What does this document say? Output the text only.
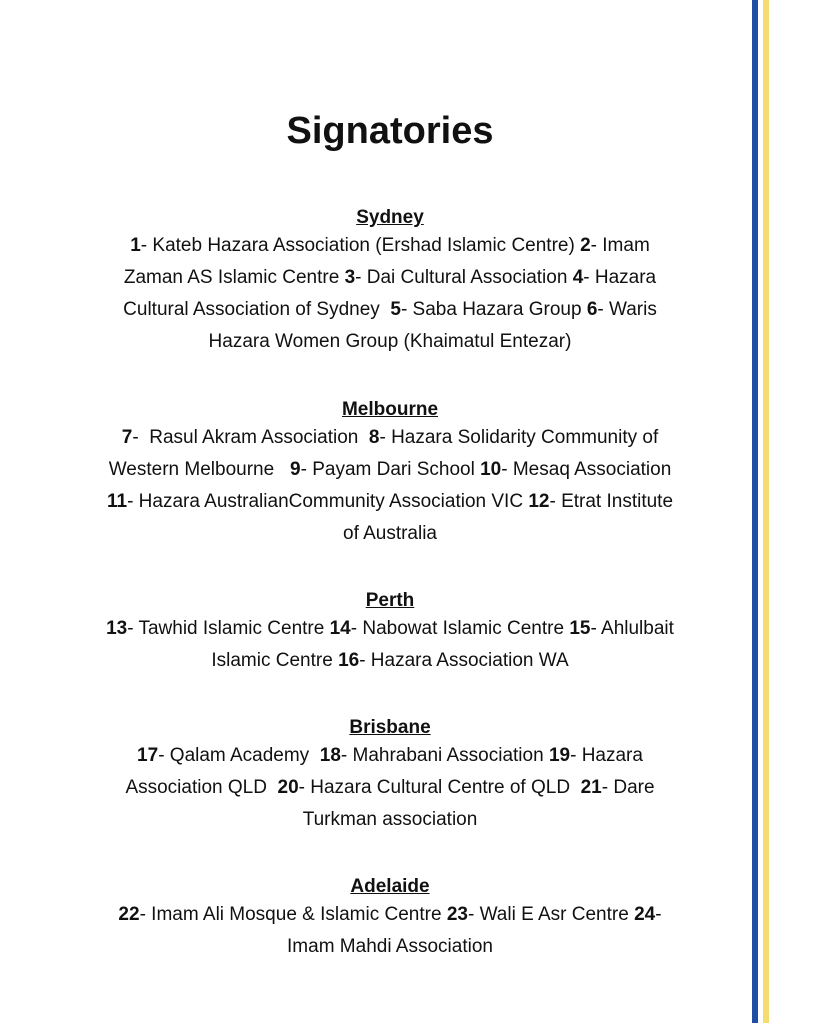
Signatories
Sydney
1- Kateb Hazara Association (Ershad Islamic Centre) 2- Imam
Zaman AS Islamic Centre 3- Dai Cultural Association 4- Hazara
Cultural Association of Sydney  5- Saba Hazara Group 6- Waris
Hazara Women Group (Khaimatul Entezar)
Melbourne
7-  Rasul Akram Association  8- Hazara Solidarity Community of
Western Melbourne   9- Payam Dari School 10- Mesaq Association
11- Hazara AustralianCommunity Association VIC 12- Etrat Institute
of Australia
Perth
13- Tawhid Islamic Centre 14- Nabowat Islamic Centre 15- Ahlulbait
Islamic Centre 16- Hazara Association WA
Brisbane
17- Qalam Academy  18- Mahrabani Association 19- Hazara
Association QLD  20- Hazara Cultural Centre of QLD  21- Dare
Turkman association
Adelaide
22- Imam Ali Mosque & Islamic Centre 23- Wali E Asr Centre 24-
Imam Mahdi Association
